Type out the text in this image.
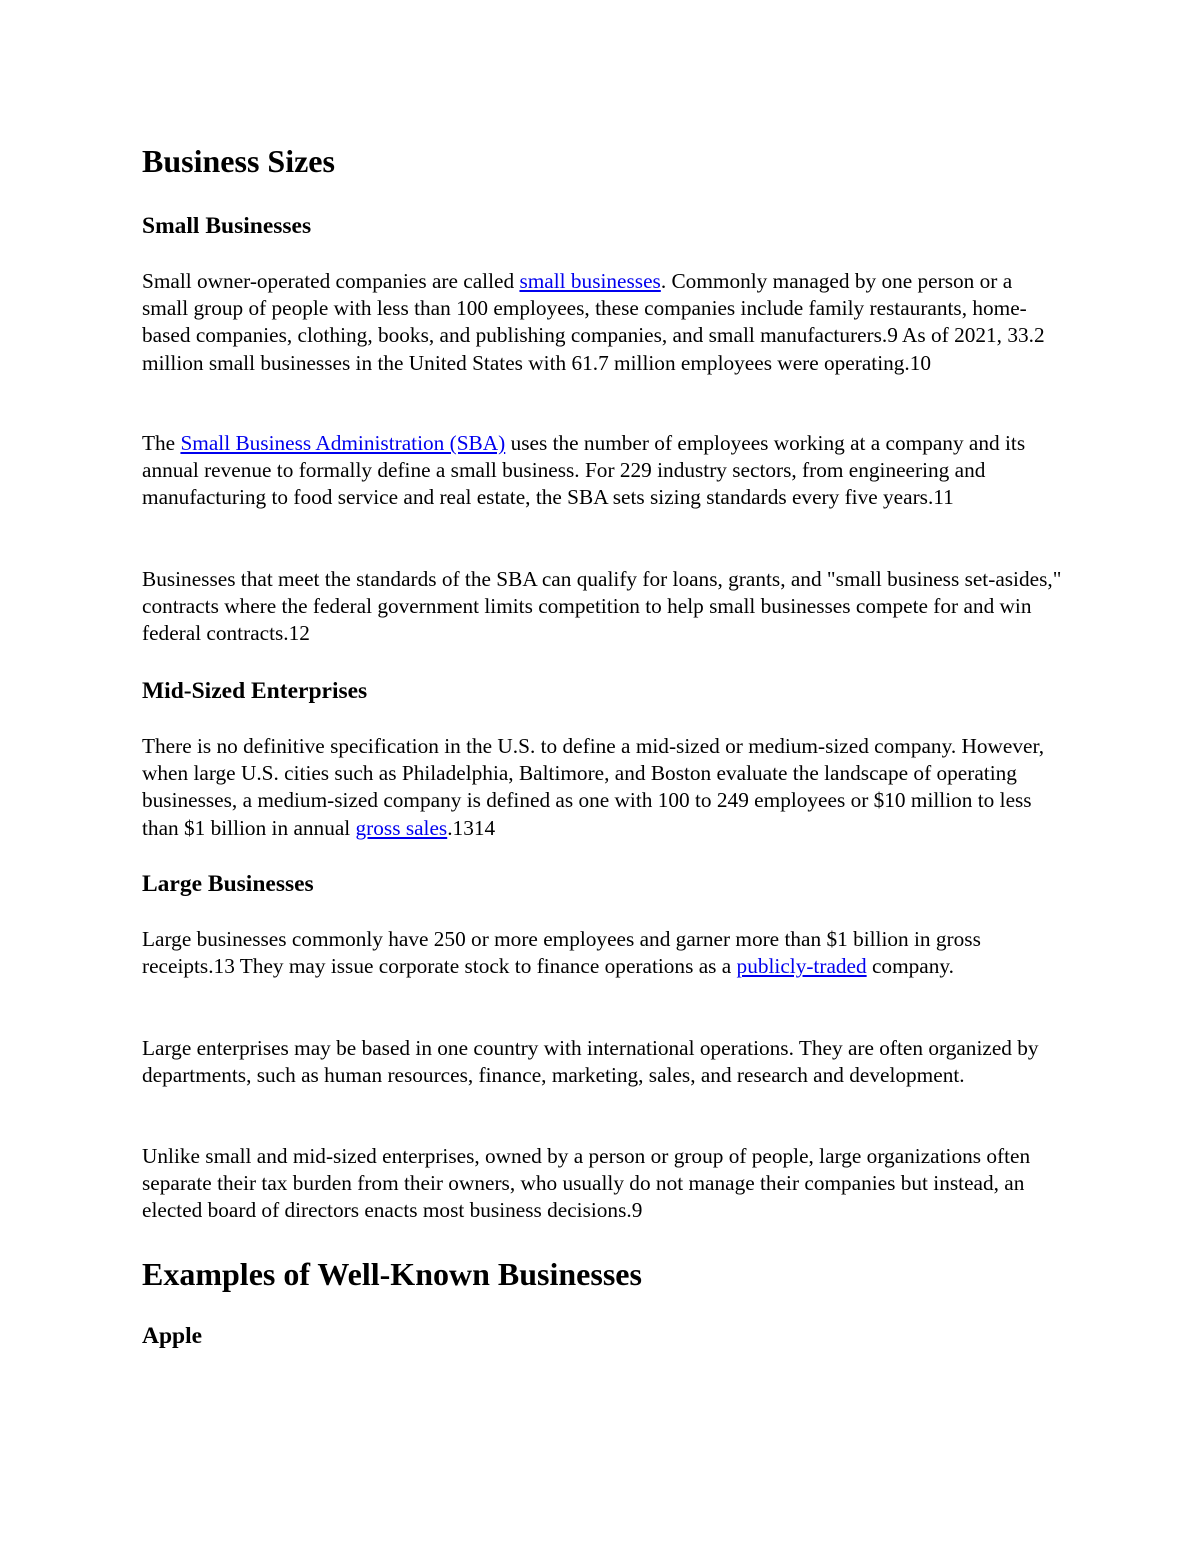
Business Sizes
Small Businesses

Small owner-operated companies are called small businesses. Commonly managed by one person or a small group of people with less than 100 employees, these companies include family restaurants, home-based companies, clothing, books, and publishing companies, and small manufacturers.9 As of 2021, 33.2 million small businesses in the United States with 61.7 million employees were operating.10

The Small Business Administration (SBA) uses the number of employees working at a company and its annual revenue to formally define a small business. For 229 industry sectors, from engineering and manufacturing to food service and real estate, the SBA sets sizing standards every five years.11

Businesses that meet the standards of the SBA can qualify for loans, grants, and "small business set-asides," contracts where the federal government limits competition to help small businesses compete for and win federal contracts.12

Mid-Sized Enterprises

There is no definitive specification in the U.S. to define a mid-sized or medium-sized company. However, when large U.S. cities such as Philadelphia, Baltimore, and Boston evaluate the landscape of operating businesses, a medium-sized company is defined as one with 100 to 249 employees or $10 million to less than $1 billion in annual gross sales.1314

Large Businesses

Large businesses commonly have 250 or more employees and garner more than $1 billion in gross receipts.13 They may issue corporate stock to finance operations as a publicly-traded company.

Large enterprises may be based in one country with international operations. They are often organized by departments, such as human resources, finance, marketing, sales, and research and development.

Unlike small and mid-sized enterprises, owned by a person or group of people, large organizations often separate their tax burden from their owners, who usually do not manage their companies but instead, an elected board of directors enacts most business decisions.9

Examples of Well-Known Businesses
Apple
